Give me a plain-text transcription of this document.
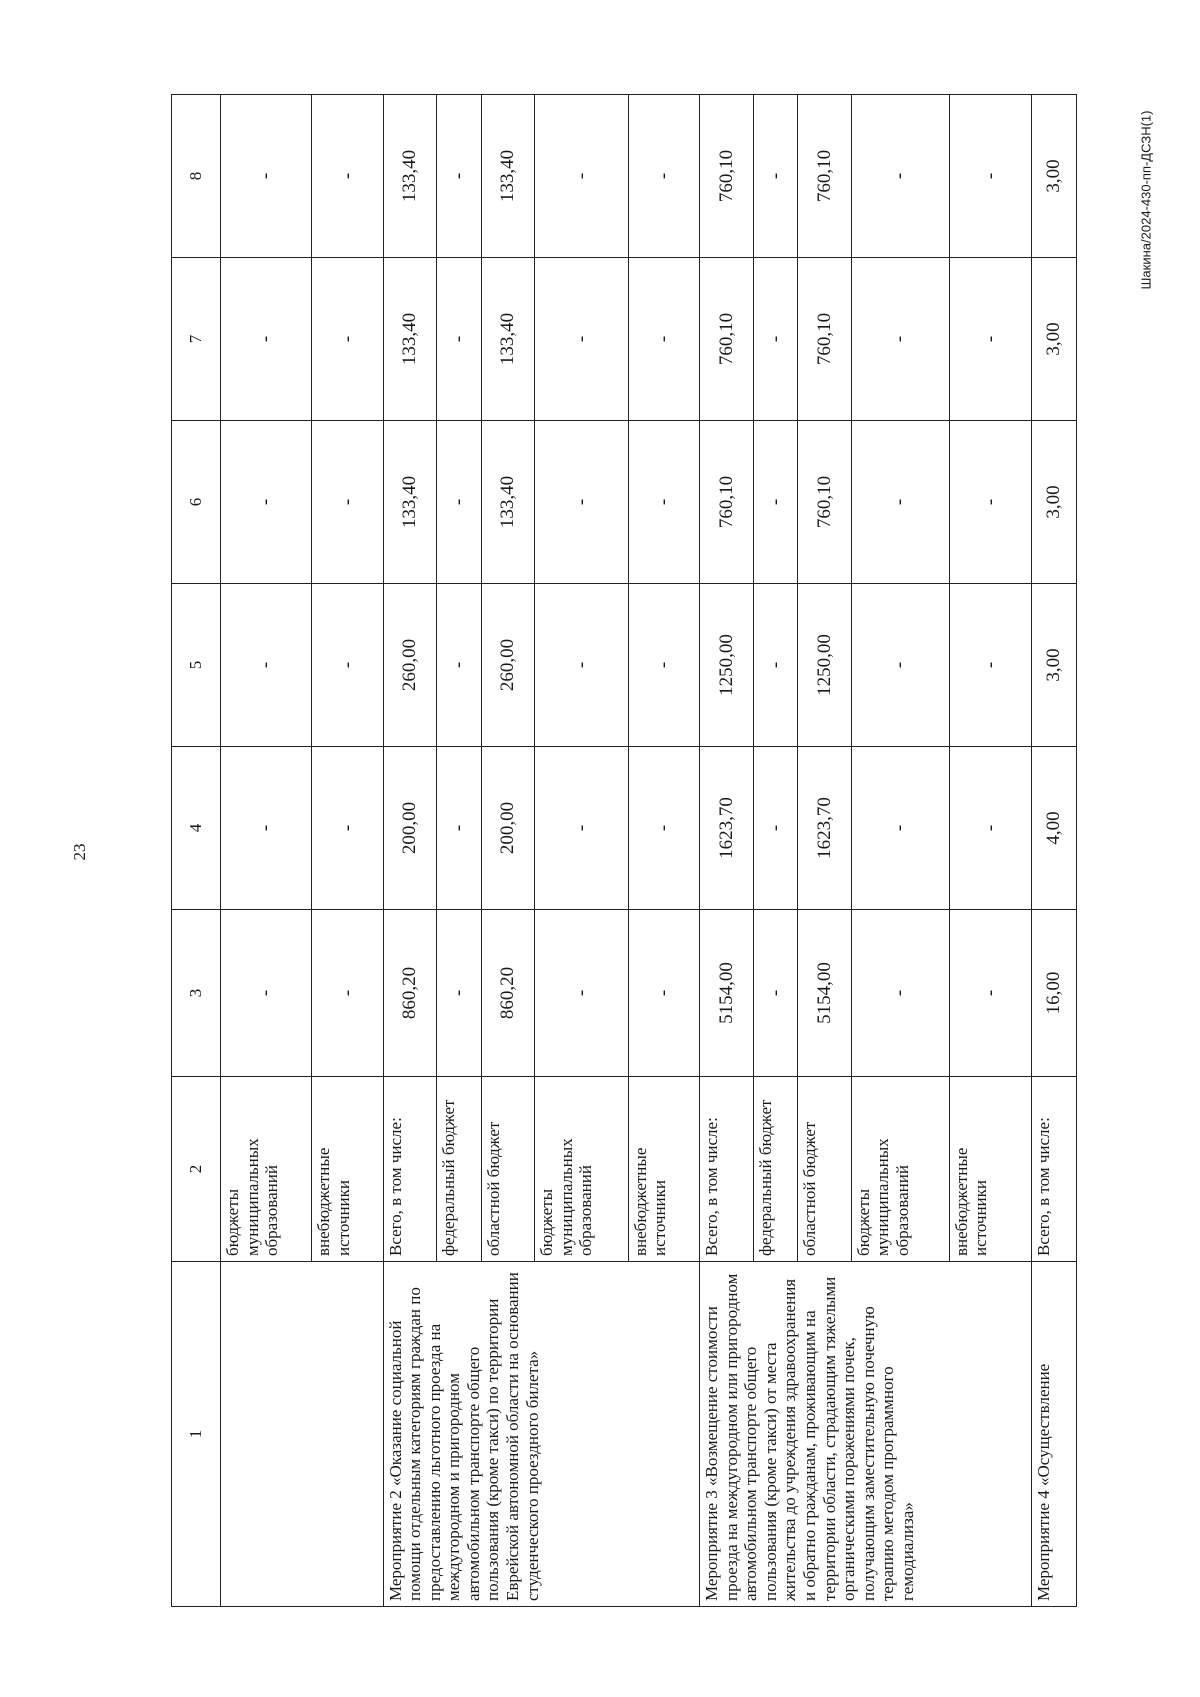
23
Шакина/2024-430-пп-ДСЗН(1)
1	2	3	4	5	6	7	8
	бюджеты муниципальных образований	-	-	-	-	-	-
	внебюджетные источники	-	-	-	-	-	-
Мероприятие 2 «Оказание социальной помощи отдельным категориям граждан по предоставлению льготного проезда на междугородном и пригородном автомобильном транспорте общего пользования (кроме такси) по территории Еврейской автономной области на основании студенческого проездного билета»	Всего, в том числе:	860,20	200,00	260,00	133,40	133,40	133,40
	федеральный бюджет	-	-	-	-	-	-
	областной бюджет	860,20	200,00	260,00	133,40	133,40	133,40
	бюджеты муниципальных образований	-	-	-	-	-	-
	внебюджетные источники	-	-	-	-	-	-
Мероприятие 3 «Возмещение стоимости проезда на междугородном или пригородном автомобильном транспорте общего пользования (кроме такси) от места жительства до учреждения здравоохранения и обратно гражданам, проживающим на территории области, страдающим тяжелыми органическими поражениями почек, получающим заместительную почечную терапию методом программного гемодиализа»	Всего, в том числе:	5154,00	1623,70	1250,00	760,10	760,10	760,10
	федеральный бюджет	-	-	-	-	-	-
	областной бюджет	5154,00	1623,70	1250,00	760,10	760,10	760,10
	бюджеты муниципальных образований	-	-	-	-	-	-
	внебюджетные источники	-	-	-	-	-	-
Мероприятие 4 «Осуществление	Всего, в том числе:	16,00	4,00	3,00	3,00	3,00	3,00
